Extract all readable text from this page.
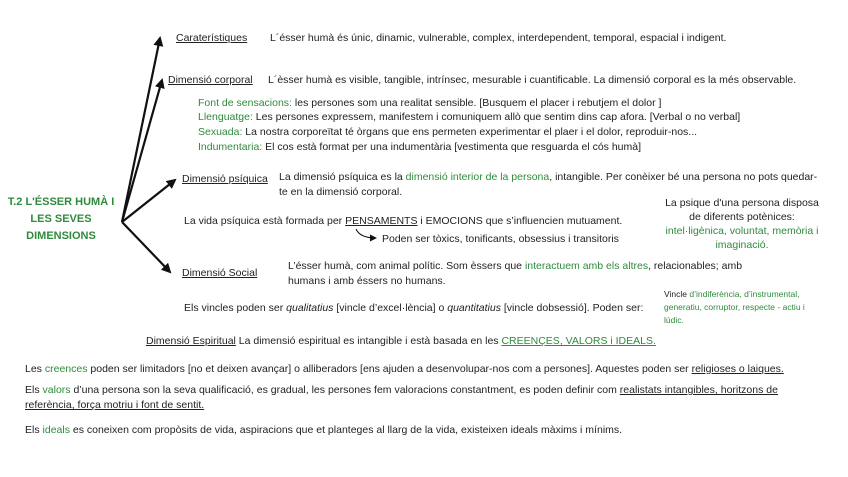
T.2 L'ÉSSER HUMÀ I LES SEVES DIMENSIONS
Caraterístiques L´ésser humà és únic, dinamic, vulnerable, complex, interdependent, temporal, espacial i indigent.
Dimensió corporal L´èsser humà es visible, tangible, intrínsec, mesurable i cuantificable. La dimensió corporal es la més observable.
Font de sensacions: les persones som una realitat sensible. [Busquem el placer i rebutjem el dolor ]
Llenguatge: Les persones expressem, manifestem i comuniquem allò que sentim dins cap afora. [Verbal o no verbal]
Sexuada: La nostra corporeïtat té òrgans que ens permeten experimentar el plaer i el dolor, reproduir-nos...
Indumentaria: El cos està format per una indumentària [vestimenta que resguarda el cós humà]
Dimensió psíquica La dimensió psíquica es la dimensió interior de la persona, intangible. Per conèixer bé una persona no pots quedar-
te en la dimensió corporal.
La vida psíquica està formada per PENSAMENTS i EMOCIONS que s’influencien mutuament.
Poden ser tòxics, tonificants, obsessius i transitoris
La psique d'una persona disposa
de diferents potènices:
intel·ligènica, voluntat, memòria i
imaginació.
Dimensió Social
L’ésser humà, com animal polític. Som èssers que interactuem amb els altres, relacionables; amb
humans i amb éssers no humans.
Els vincles poden ser qualitatius [vincle d’excel·lència] o quantitatius [vincle dobsessió]. Poden ser:
Vincle d’indiferència, d’instrumental,
generatiu, corruptor, respecte - actiu i
lúdic.
Dimensió Espiritual La dimensió espiritual es intangible i està basada en les CREENÇES, VALORS i IDEALS.
Les creences poden ser limitadors [no et deixen avançar] o alliberadors [ens ajuden a desenvolupar-nos com a persones]. Aquestes poden ser religioses o laiques.
Els valors d’una persona son la seva qualificació, es gradual, les persones fem valoracions constantment, es poden definir com realistats intangibles, horitzons de
referència, força motriu i font de sentit.
Els ideals es coneixen com propòsits de vida, aspiracions que et planteges al llarg de la vida, existeixen ideals màxims i mínims.
